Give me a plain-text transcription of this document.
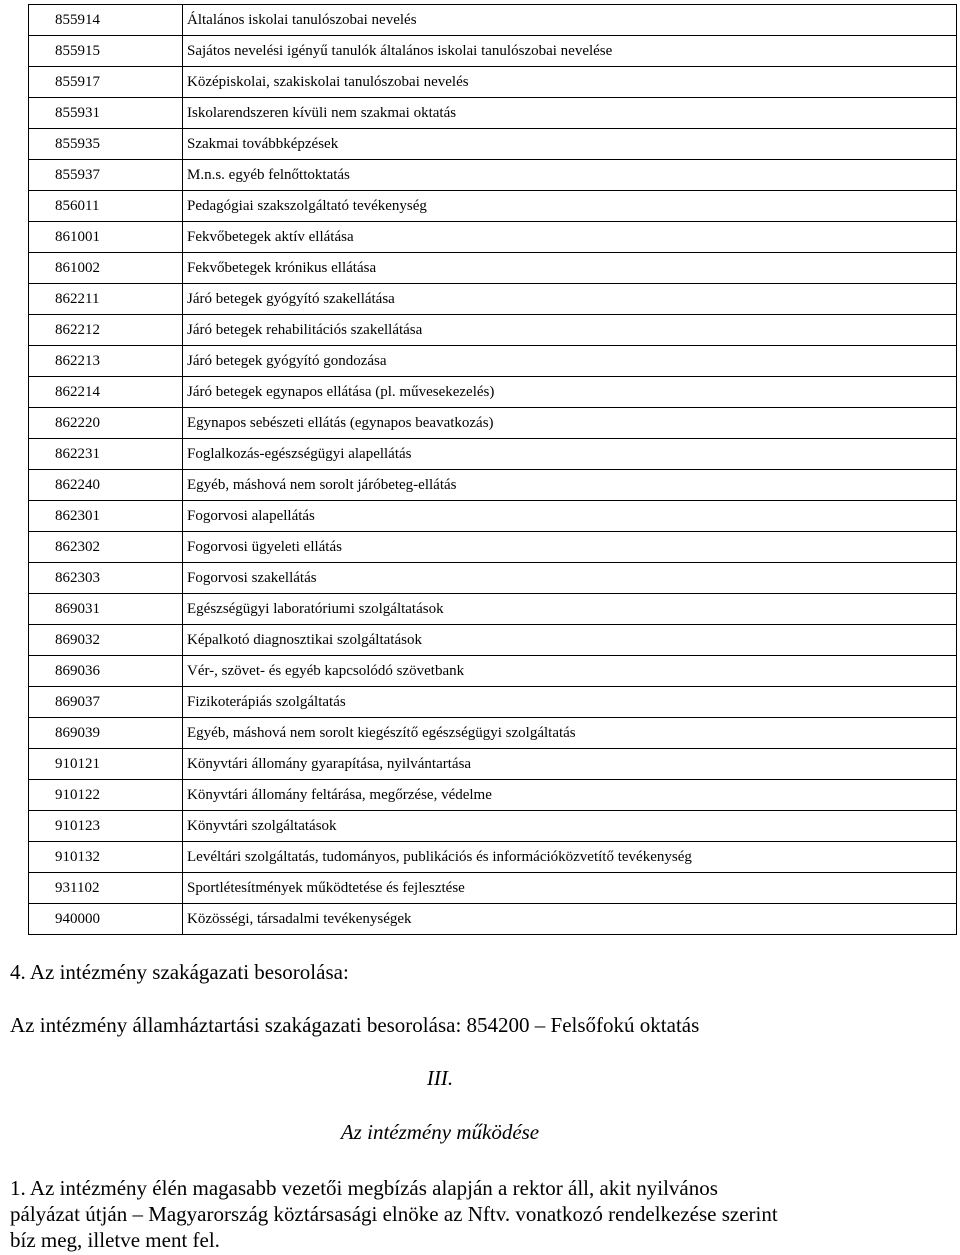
855914	Általános iskolai tanulószobai nevelés
855915	Sajátos nevelési igényű tanulók általános iskolai tanulószobai nevelése
855917	Középiskolai, szakiskolai tanulószobai nevelés
855931	Iskolarendszeren kívüli nem szakmai oktatás
855935	Szakmai továbbképzések
855937	M.n.s. egyéb felnőttoktatás
856011	Pedagógiai szakszolgáltató tevékenység
861001	Fekvőbetegek aktív ellátása
861002	Fekvőbetegek krónikus ellátása
862211	Járó betegek gyógyító szakellátása
862212	Járó betegek rehabilitációs szakellátása
862213	Járó betegek gyógyító gondozása
862214	Járó betegek egynapos ellátása (pl. művesekezelés)
862220	Egynapos sebészeti ellátás (egynapos beavatkozás)
862231	Foglalkozás-egészségügyi alapellátás
862240	Egyéb, máshová nem sorolt járóbeteg-ellátás
862301	Fogorvosi alapellátás
862302	Fogorvosi ügyeleti ellátás
862303	Fogorvosi szakellátás
869031	Egészségügyi laboratóriumi szolgáltatások
869032	Képalkotó diagnosztikai szolgáltatások
869036	Vér-, szövet- és egyéb kapcsolódó szövetbank
869037	Fizikoterápiás szolgáltatás
869039	Egyéb, máshová nem sorolt kiegészítő egészségügyi szolgáltatás
910121	Könyvtári állomány gyarapítása, nyilvántartása
910122	Könyvtári állomány feltárása, megőrzése, védelme
910123	Könyvtári szolgáltatások
910132	Levéltári szolgáltatás, tudományos, publikációs és információközvetítő tevékenység
931102	Sportlétesítmények működtetése és fejlesztése
940000	Közösségi, társadalmi tevékenységek
4. Az intézmény szakágazati besorolása:
Az intézmény államháztartási szakágazati besorolása: 854200 – Felsőfokú oktatás
III.
Az intézmény működése
1. Az intézmény élén magasabb vezetői megbízás alapján a rektor áll, akit nyilvános
pályázat útján – Magyarország köztársasági elnöke az Nftv. vonatkozó rendelkezése szerint
bíz meg, illetve ment fel.
